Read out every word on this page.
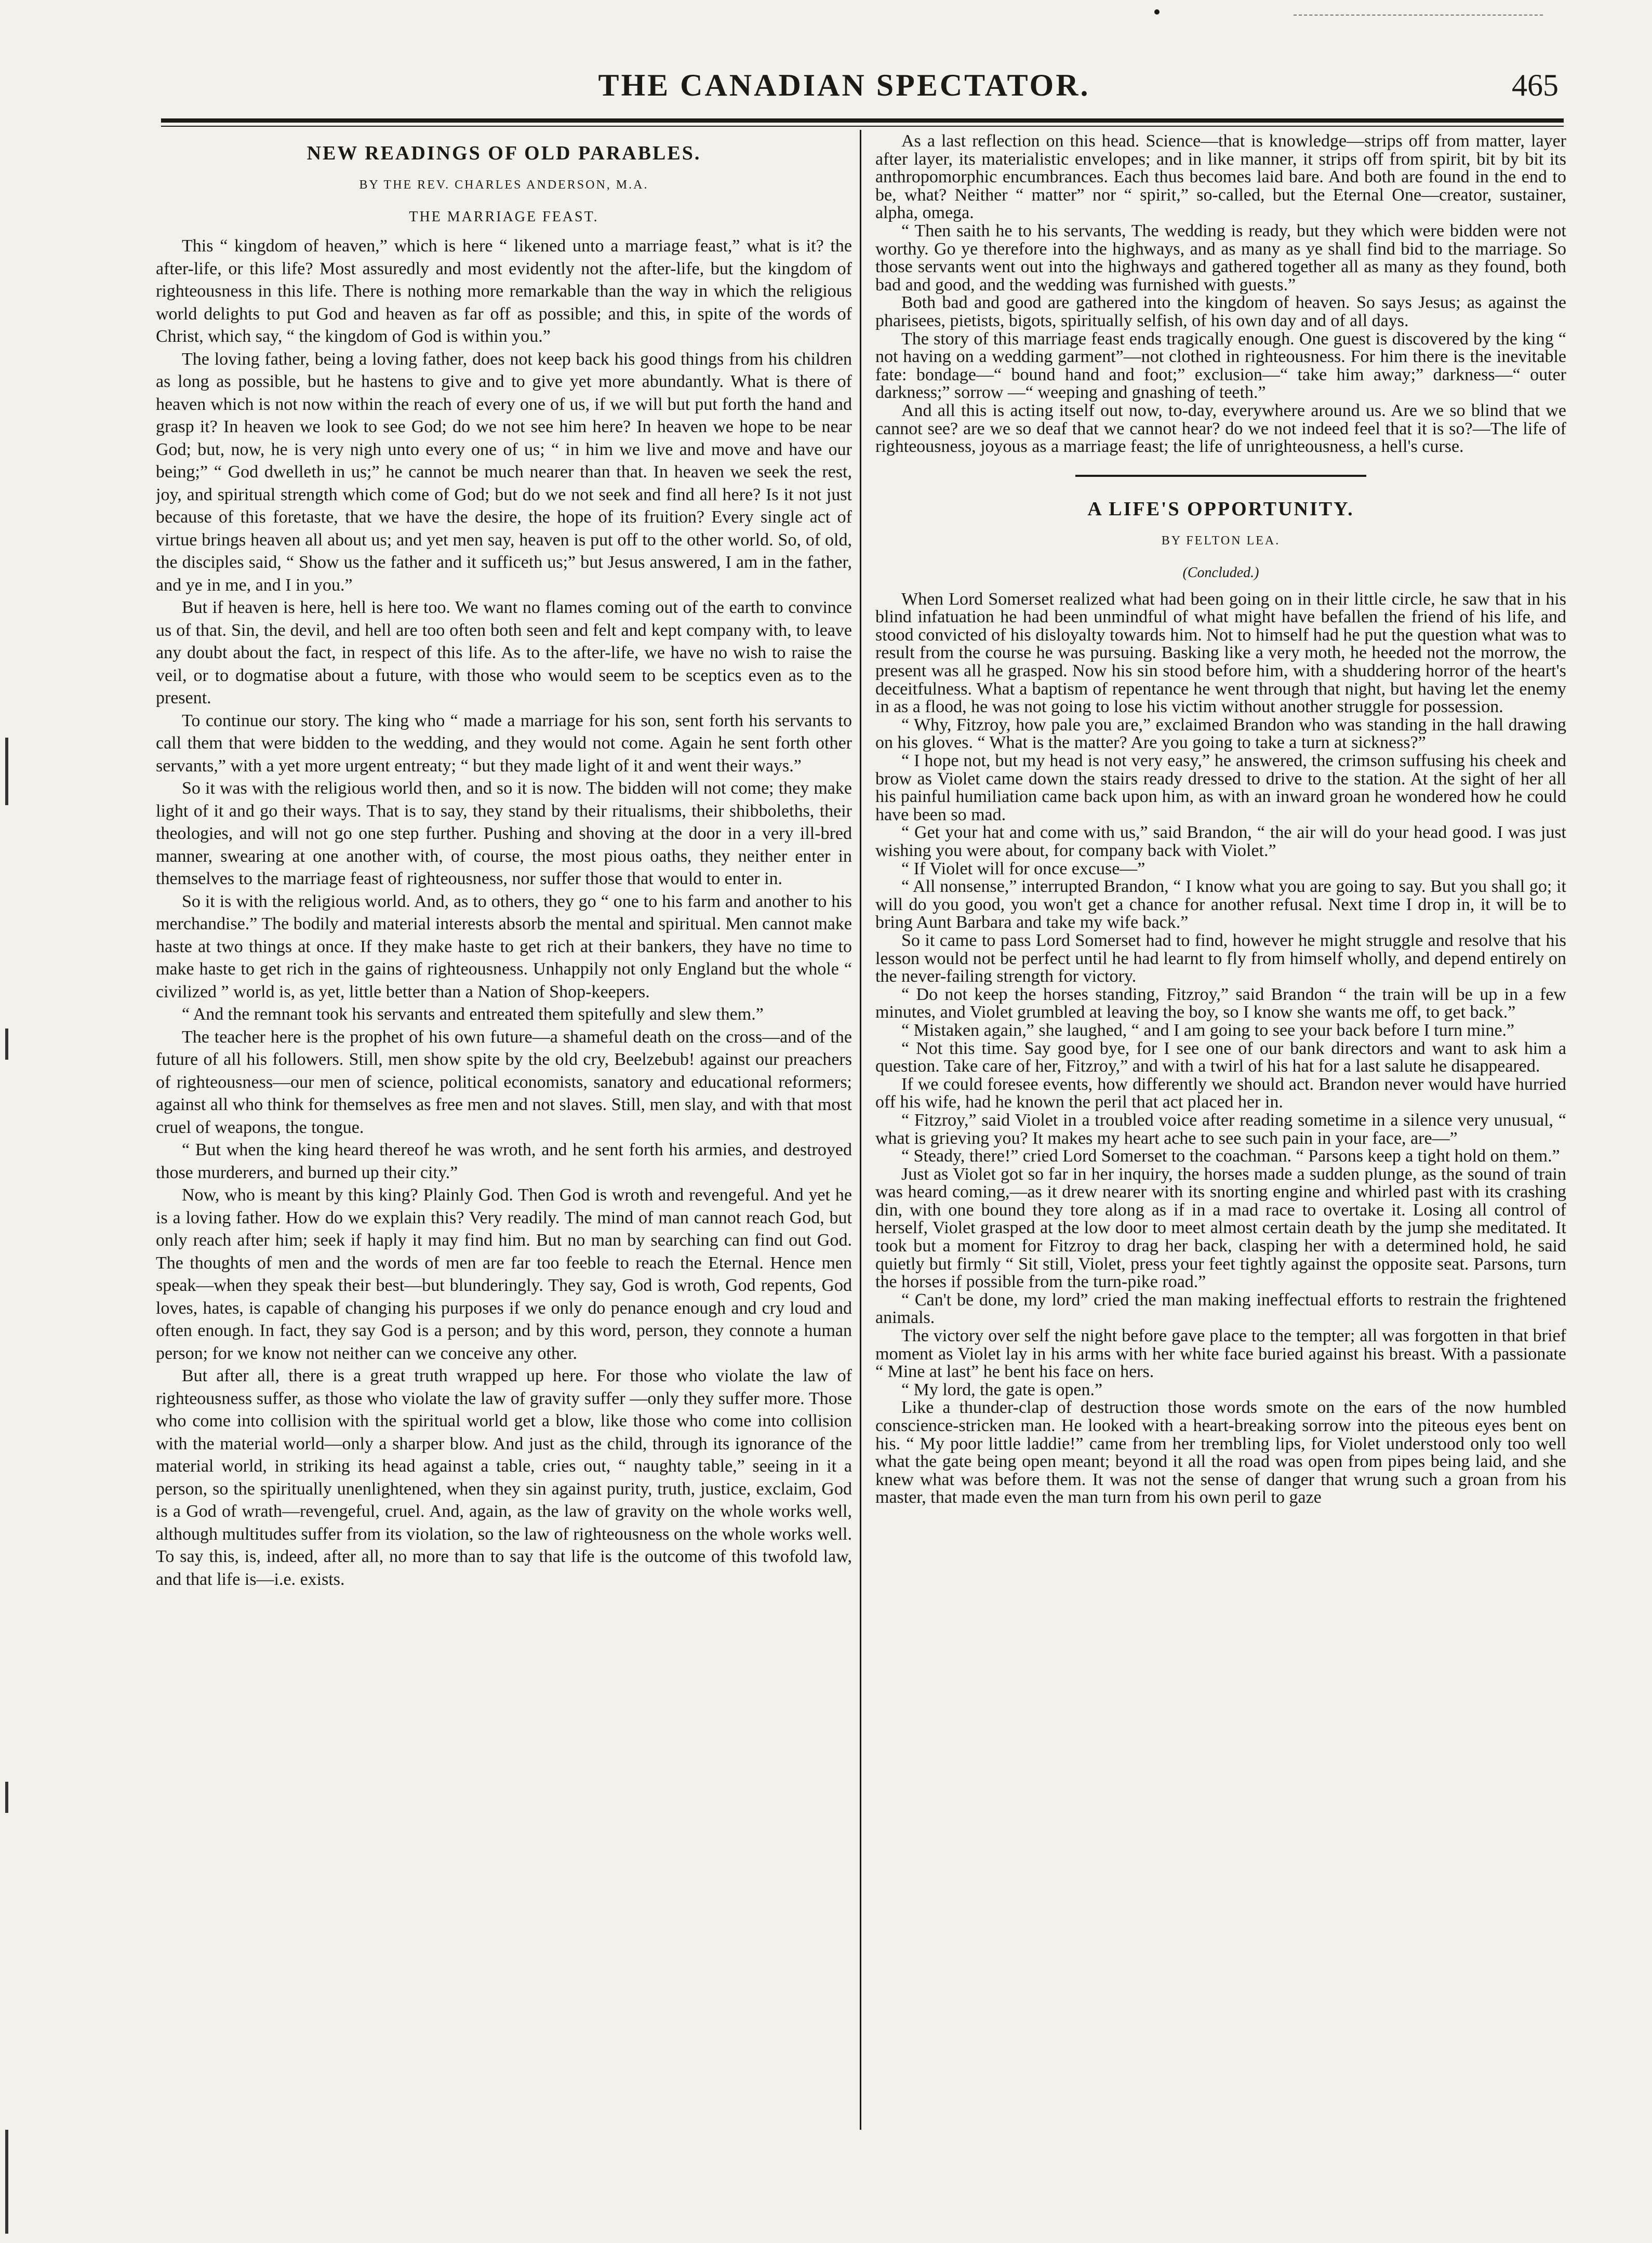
THE CANADIAN SPECTATOR.	465
NEW READINGS OF OLD PARABLES.
BY THE REV. CHARLES ANDERSON, M.A.
THE MARRIAGE FEAST.

This “ kingdom of heaven,” which is here “ likened unto a marriage feast,” what is it? the after-life, or this life? Most assuredly and most evidently not the after-life, but the kingdom of righteousness in this life. There is nothing more remarkable than the way in which the religious world delights to put God and heaven as far off as possible; and this, in spite of the words of Christ, which say, “ the kingdom of God is within you.”

The loving father, being a loving father, does not keep back his good things from his children as long as possible, but he hastens to give and to give yet more abundantly. What is there of heaven which is not now within the reach of every one of us, if we will but put forth the hand and grasp it? In heaven we look to see God; do we not see him here? In heaven we hope to be near God; but, now, he is very nigh unto every one of us; “ in him we live and move and have our being;” “ God dwelleth in us;” he cannot be much nearer than that. In heaven we seek the rest, joy, and spiritual strength which come of God; but do we not seek and find all here? Is it not just because of this foretaste, that we have the desire, the hope of its fruition? Every single act of virtue brings heaven all about us; and yet men say, heaven is put off to the other world. So, of old, the disciples said, “ Show us the father and it sufficeth us;” but Jesus answered, I am in the father, and ye in me, and I in you.”

But if heaven is here, hell is here too. We want no flames coming out of the earth to convince us of that. Sin, the devil, and hell are too often both seen and felt and kept company with, to leave any doubt about the fact, in respect of this life. As to the after-life, we have no wish to raise the veil, or to dogmatise about a future, with those who would seem to be sceptics even as to the present.

To continue our story. The king who “ made a marriage for his son, sent forth his servants to call them that were bidden to the wedding, and they would not come. Again he sent forth other servants,” with a yet more urgent entreaty; “ but they made light of it and went their ways.”

So it was with the religious world then, and so it is now. The bidden will not come; they make light of it and go their ways. That is to say, they stand by their ritualisms, their shibboleths, their theologies, and will not go one step further. Pushing and shoving at the door in a very ill-bred manner, swearing at one another with, of course, the most pious oaths, they neither enter in themselves to the marriage feast of righteousness, nor suffer those that would to enter in.

So it is with the religious world. And, as to others, they go “ one to his farm and another to his merchandise.” The bodily and material interests absorb the mental and spiritual. Men cannot make haste at two things at once. If they make haste to get rich at their bankers, they have no time to make haste to get rich in the gains of righteousness. Unhappily not only England but the whole “ civilized ” world is, as yet, little better than a Nation of Shop-keepers.

“ And the remnant took his servants and entreated them spitefully and slew them.”

The teacher here is the prophet of his own future—a shameful death on the cross—and of the future of all his followers. Still, men show spite by the old cry, Beelzebub! against our preachers of righteousness—our men of science, political economists, sanatory and educational reformers; against all who think for themselves as free men and not slaves. Still, men slay, and with that most cruel of weapons, the tongue.

“ But when the king heard thereof he was wroth, and he sent forth his armies, and destroyed those murderers, and burned up their city.”

Now, who is meant by this king? Plainly God. Then God is wroth and revengeful. And yet he is a loving father. How do we explain this? Very readily. The mind of man cannot reach God, but only reach after him; seek if haply it may find him. But no man by searching can find out God. The thoughts of men and the words of men are far too feeble to reach the Eternal. Hence men speak—when they speak their best—but blunderingly. They say, God is wroth, God repents, God loves, hates, is capable of changing his purposes if we only do penance enough and cry loud and often enough. In fact, they say God is a person; and by this word, person, they connote a human person; for we know not neither can we conceive any other.

But after all, there is a great truth wrapped up here. For those who violate the law of righteousness suffer, as those who violate the law of gravity suffer —only they suffer more. Those who come into collision with the spiritual world get a blow, like those who come into collision with the material world—only a sharper blow. And just as the child, through its ignorance of the material world, in striking its head against a table, cries out, “ naughty table,” seeing in it a person, so the spiritually unenlightened, when they sin against purity, truth, justice, exclaim, God is a God of wrath—revengeful, cruel. And, again, as the law of gravity on the whole works well, although multitudes suffer from its violation, so the law of righteousness on the whole works well. To say this, is, indeed, after all, no more than to say that life is the outcome of this twofold law, and that life is—i.e. exists.

As a last reflection on this head. Science—that is knowledge—strips off from matter, layer after layer, its materialistic envelopes; and in like manner, it strips off from spirit, bit by bit its anthropomorphic encumbrances. Each thus becomes laid bare. And both are found in the end to be, what? Neither “ matter” nor “ spirit,” so-called, but the Eternal One—creator, sustainer, alpha, omega.

“ Then saith he to his servants, The wedding is ready, but they which were bidden were not worthy. Go ye therefore into the highways, and as many as ye shall find bid to the marriage. So those servants went out into the highways and gathered together all as many as they found, both bad and good, and the wedding was furnished with guests.”

Both bad and good are gathered into the kingdom of heaven. So says Jesus; as against the pharisees, pietists, bigots, spiritually selfish, of his own day and of all days.

The story of this marriage feast ends tragically enough. One guest is discovered by the king “ not having on a wedding garment”—not clothed in righteousness. For him there is the inevitable fate: bondage—“ bound hand and foot;” exclusion—“ take him away;” darkness—“ outer darkness;” sorrow —“ weeping and gnashing of teeth.”

And all this is acting itself out now, to-day, everywhere around us. Are we so blind that we cannot see? are we so deaf that we cannot hear? do we not indeed feel that it is so?—The life of righteousness, joyous as a marriage feast; the life of unrighteousness, a hell's curse.

A LIFE'S OPPORTUNITY.
BY FELTON LEA.
(Concluded.)

When Lord Somerset realized what had been going on in their little circle, he saw that in his blind infatuation he had been unmindful of what might have befallen the friend of his life, and stood convicted of his disloyalty towards him. Not to himself had he put the question what was to result from the course he was pursuing. Basking like a very moth, he heeded not the morrow, the present was all he grasped. Now his sin stood before him, with a shuddering horror of the heart's deceitfulness. What a baptism of repentance he went through that night, but having let the enemy in as a flood, he was not going to lose his victim without another struggle for possession.

“ Why, Fitzroy, how pale you are,” exclaimed Brandon who was standing in the hall drawing on his gloves. “ What is the matter? Are you going to take a turn at sickness?”

“ I hope not, but my head is not very easy,” he answered, the crimson suffusing his cheek and brow as Violet came down the stairs ready dressed to drive to the station. At the sight of her all his painful humiliation came back upon him, as with an inward groan he wondered how he could have been so mad.

“ Get your hat and come with us,” said Brandon, “ the air will do your head good. I was just wishing you were about, for company back with Violet.”

“ If Violet will for once excuse—”

“ All nonsense,” interrupted Brandon, “ I know what you are going to say. But you shall go; it will do you good, you won't get a chance for another refusal. Next time I drop in, it will be to bring Aunt Barbara and take my wife back.”

So it came to pass Lord Somerset had to find, however he might struggle and resolve that his lesson would not be perfect until he had learnt to fly from himself wholly, and depend entirely on the never-failing strength for victory.

“ Do not keep the horses standing, Fitzroy,” said Brandon “ the train will be up in a few minutes, and Violet grumbled at leaving the boy, so I know she wants me off, to get back.”

“ Mistaken again,” she laughed, “ and I am going to see your back before I turn mine.”

“ Not this time. Say good bye, for I see one of our bank directors and want to ask him a question. Take care of her, Fitzroy,” and with a twirl of his hat for a last salute he disappeared.

If we could foresee events, how differently we should act. Brandon never would have hurried off his wife, had he known the peril that act placed her in.

“ Fitzroy,” said Violet in a troubled voice after reading sometime in a silence very unusual, “ what is grieving you? It makes my heart ache to see such pain in your face, are—”

“ Steady, there!” cried Lord Somerset to the coachman. “ Parsons keep a tight hold on them.”

Just as Violet got so far in her inquiry, the horses made a sudden plunge, as the sound of train was heard coming,—as it drew nearer with its snorting engine and whirled past with its crashing din, with one bound they tore along as if in a mad race to overtake it. Losing all control of herself, Violet grasped at the low door to meet almost certain death by the jump she meditated. It took but a moment for Fitzroy to drag her back, clasping her with a determined hold, he said quietly but firmly “ Sit still, Violet, press your feet tightly against the opposite seat. Parsons, turn the horses if possible from the turn-pike road.”

“ Can't be done, my lord” cried the man making ineffectual efforts to restrain the frightened animals.

The victory over self the night before gave place to the tempter; all was forgotten in that brief moment as Violet lay in his arms with her white face buried against his breast. With a passionate “ Mine at last” he bent his face on hers.

“ My lord, the gate is open.”

Like a thunder-clap of destruction those words smote on the ears of the now humbled conscience-stricken man. He looked with a heart-breaking sorrow into the piteous eyes bent on his. “ My poor little laddie!” came from her trembling lips, for Violet understood only too well what the gate being open meant; beyond it all the road was open from pipes being laid, and she knew what was before them. It was not the sense of danger that wrung such a groan from his master, that made even the man turn from his own peril to gaze
